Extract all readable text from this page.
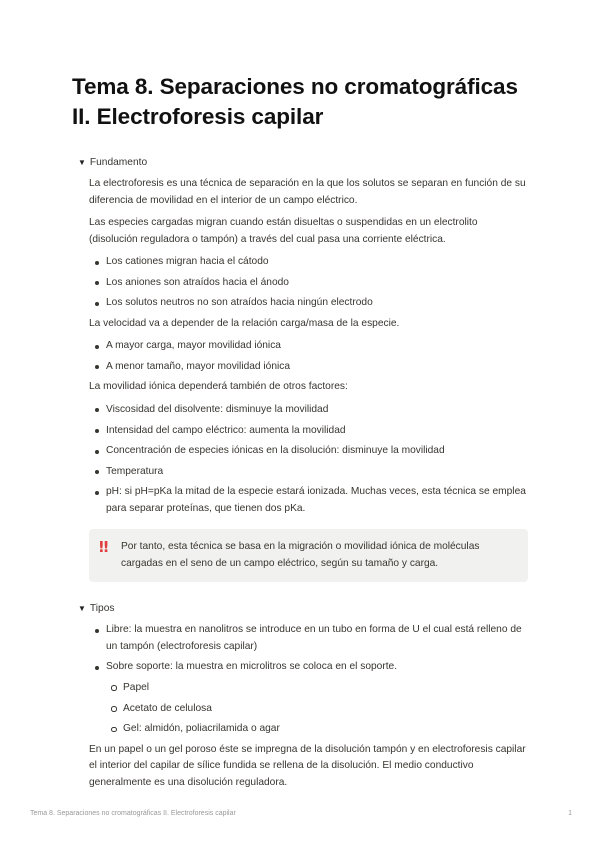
Tema 8. Separaciones no cromatográficas II. Electroforesis capilar
▼ Fundamento

La electroforesis es una técnica de separación en la que los solutos se separan en función de su diferencia de movilidad en el interior de un campo eléctrico.

Las especies cargadas migran cuando están disueltas o suspendidas en un electrolito (disolución reguladora o tampón) a través del cual pasa una corriente eléctrica.

Los cationes migran hacia el cátodo
Los aniones son atraídos hacia el ánodo
Los solutos neutros no son atraídos hacia ningún electrodo

La velocidad va a depender de la relación carga/masa de la especie.

A mayor carga, mayor movilidad iónica
A menor tamaño, mayor movilidad iónica

La movilidad iónica dependerá también de otros factores:

Viscosidad del disolvente: disminuye la movilidad
Intensidad del campo eléctrico: aumenta la movilidad
Concentración de especies iónicas en la disolución: disminuye la movilidad
Temperatura
pH: si pH=pKa la mitad de la especie estará ionizada. Muchas veces, esta técnica se emplea para separar proteínas, que tienen dos pKa.
‼	Por tanto, esta técnica se basa en la migración o movilidad iónica de moléculas cargadas en el seno de un campo eléctrico, según su tamaño y carga.
▼ Tipos
Libre: la muestra en nanolitros se introduce en un tubo en forma de U el cual está relleno de un tampón (electroforesis capilar)
Sobre soporte: la muestra en microlitros se coloca en el soporte.
Papel
Acetato de celulosa
Gel: almidón, poliacrilamida o agar

En un papel o un gel poroso éste se impregna de la disolución tampón y en electroforesis capilar el interior del capilar de sílice fundida se rellena de la disolución. El medio conductivo generalmente es una disolución reguladora.

Tema 8. Separaciones no cromatográficas II. Electroforesis capilar	1
